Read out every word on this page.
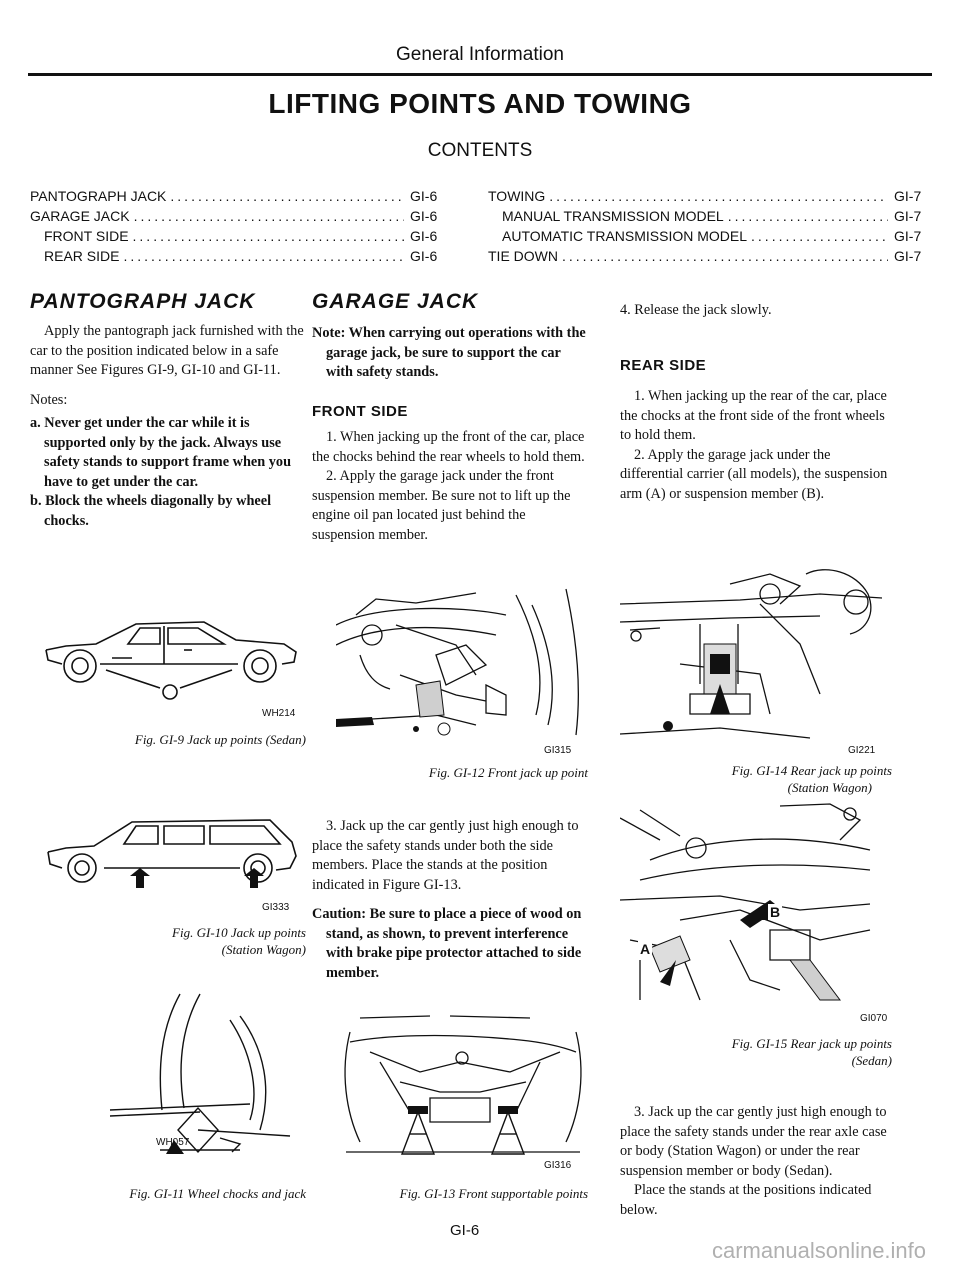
General Information
LIFTING POINTS AND TOWING
CONTENTS
PANTOGRAPH JACK .....	GI-6
GARAGE JACK .....	GI-6
FRONT SIDE .....	GI-6
REAR SIDE .....	GI-6
TOWING .....	GI-7
MANUAL TRANSMISSION MODEL .....	GI-7
AUTOMATIC TRANSMISSION MODEL .....	GI-7
TIE DOWN .....	GI-7
PANTOGRAPH JACK

Apply the pantograph jack furnished with the car to the position indicated below in a safe manner See Figures GI-9, GI-10 and GI-11.

Notes:

a. Never get under the car while it is supported only by the jack. Always use safety stands to support frame when you have to get under the car.

b. Block the wheels diagonally by wheel chocks.

WH214
Fig. GI-9 Jack up points (Sedan)
GI333
Fig. GI-10 Jack up points
(Station Wagon)
WH057
Fig. GI-11 Wheel chocks and jack
GARAGE JACK

Note: When carrying out operations with the garage jack, be sure to support the car with safety stands.

FRONT SIDE

1. When jacking up the front of the car, place the chocks behind the rear wheels to hold them.

2. Apply the garage jack under the front suspension member. Be sure not to lift up the engine oil pan located just behind the suspension member.

GI315
Fig. GI-12 Front jack up point

3. Jack up the car gently just high enough to place the safety stands under both the side members. Place the stands at the position indicated in Figure GI-13.

Caution: Be sure to place a piece of wood on stand, as shown, to prevent interference with brake pipe protector attached to side member.

GI316
Fig. GI-13 Front supportable points
4. Release the jack slowly.
REAR SIDE

1. When jacking up the rear of the car, place the chocks at the front side of the front wheels to hold them.

2. Apply the garage jack under the differential carrier (all models), the suspension arm (A) or suspension member (B).

GI221
Fig. GI-14 Rear jack up points
(Station Wagon)
A
B
GI070
Fig. GI-15 Rear jack up points
(Sedan)

3. Jack up the car gently just high enough to place the safety stands under the rear axle case or body (Station Wagon) or under the rear suspension member or body (Sedan).

Place the stands at the positions indicated below.

GI-6
carmanualsonline.info
